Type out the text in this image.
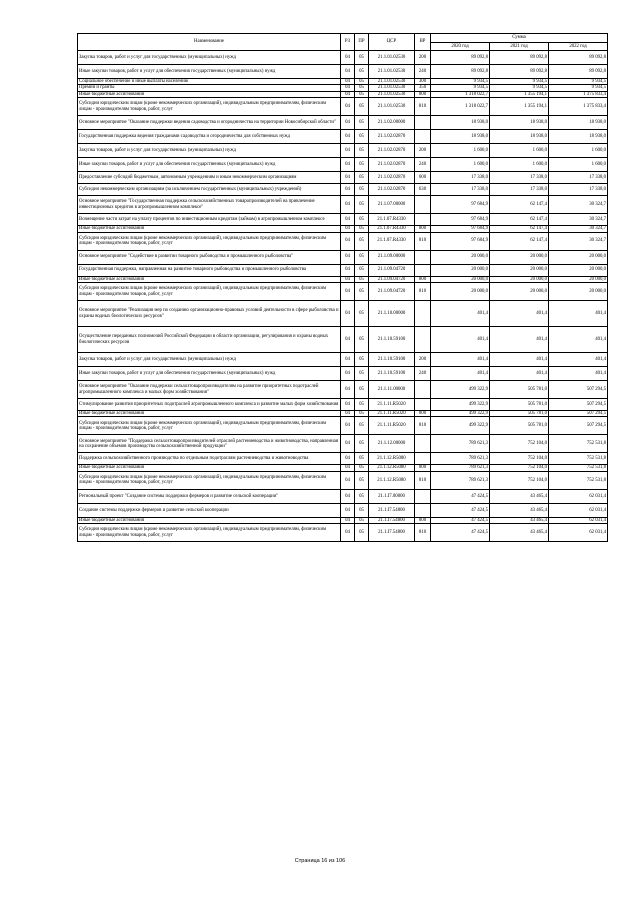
Наименование	РЗ	ПР	ЦСР	ВР	Сумма		
					2020 год	2021 год	2022 год
Закупка товаров, работ и услуг для государственных (муниципальных) нужд	04	05	21.1.01.02530	200	89 092,8	89 092,8	89 092,8
Иные закупки товаров, работ и услуг для обеспечения государственных (муниципальных) нужд	04	05	21.1.01.02530	240	89 092,8	89 092,8	89 092,8
Социальное обеспечение и иные выплаты населению	04	05	21.1.01.02530	300	9 934,5	9 934,5	9 934,5
Премии и гранты	04	05	21.1.01.02530	350	9 934,5	9 934,5	9 934,5
Иные бюджетные ассигнования	04	05	21.1.01.02530	800	1 318 022,7	1 355 194,1	1 375 833,4
Субсидии юридическим лицам (кроме некоммерческих организаций), индивидуальным предпринимателям, физическим лицам - производителям товаров, работ, услуг	04	05	21.1.01.02530	810	1 318 022,7	1 355 194,1	1 375 833,4
Основное мероприятие "Оказание поддержки ведения садоводства и огородничества на территории Новосибирской области"	04	05	21.1.02.00000		18 938,0	18 938,0	18 938,0
Государственная поддержка ведения гражданами садоводства и огородничества для собственных нужд	04	05	21.1.02.02870		18 938,0	18 938,0	18 938,0
Закупка товаров, работ и услуг для государственных (муниципальных) нужд	04	05	21.1.02.02870	200	1 600,0	1 600,0	1 600,0
Иные закупки товаров, работ и услуг для обеспечения государственных (муниципальных) нужд	04	05	21.1.02.02870	240	1 600,0	1 600,0	1 600,0
Предоставление субсидий бюджетным, автономным учреждениям и иным некоммерческим организациям	04	05	21.1.02.02870	600	17 338,0	17 338,0	17 338,0
Субсидии некоммерческим организациям (за исключением государственных (муниципальных) учреждений)	04	05	21.1.02.02870	630	17 338,0	17 338,0	17 338,0
Основное мероприятие "Государственная поддержка сельскохозяйственных товаропроизводителей на привлечение инвестиционных кредитов в агропромышленном комплексе"	04	05	21.1.07.00000		97 684,9	62 147,4	30 324,7
Возмещение части затрат на уплату процентов по инвестиционным кредитам (займам) в агропромышленном комплексе	04	05	21.1.07.R4330		97 684,9	62 147,4	30 324,7
Иные бюджетные ассигнования	04	05	21.1.07.R4330	800	97 684,9	62 147,4	30 324,7
Субсидии юридическим лицам (кроме некоммерческих организаций), индивидуальным предпринимателям, физическим лицам - производителям товаров, работ, услуг	04	05	21.1.07.R4330	810	97 684,9	62 147,4	30 324,7
Основное мероприятие "Содействие в развитии товарного рыбоводства и промышленного рыболовства"	04	05	21.1.09.00000		20 000,0	20 000,0	20 000,0
Государственная поддержка, направленная на развитие товарного рыбоводства и промышленного рыболовства	04	05	21.1.09.04720		20 000,0	20 000,0	20 000,0
Иные бюджетные ассигнования	04	05	21.1.09.04720	800	20 000,0	20 000,0	20 000,0
Субсидии юридическим лицам (кроме некоммерческих организаций), индивидуальным предпринимателям, физическим лицам - производителям товаров, работ, услуг	04	05	21.1.09.04720	810	20 000,0	20 000,0	20 000,0
Основное мероприятие "Реализация мер по созданию организационно-правовых условий деятельности в сфере рыболовства и охраны водных биологических ресурсов"	04	05	21.1.10.00000		401,4	401,4	401,4
Осуществление переданных полномочий Российской Федерации в области организации, регулирования и охраны водных биологических ресурсов	04	05	21.1.10.59100		401,4	401,4	401,4
Закупка товаров, работ и услуг для государственных (муниципальных) нужд	04	05	21.1.10.59100	200	401,4	401,4	401,4
Иные закупки товаров, работ и услуг для обеспечения государственных (муниципальных) нужд	04	05	21.1.10.59100	240	401,4	401,4	401,4
Основное мероприятие "Оказание поддержки сельхозтоваропроизводителям на развитие приоритетных подотраслей агропромышленного комплекса и малых форм хозяйствования"	04	05	21.1.11.00000		499 322,9	505 781,0	507 294,5
Стимулирование развития приоритетных подотраслей агропромышленного комплекса и развитие малых форм хозяйствования	04	05	21.1.11.R5020		499 322,9	505 781,0	507 294,5
Иные бюджетные ассигнования	04	05	21.1.11.R5020	800	499 322,9	505 781,0	507 294,5
Субсидии юридическим лицам (кроме некоммерческих организаций), индивидуальным предпринимателям, физическим лицам - производителям товаров, работ, услуг	04	05	21.1.11.R5020	810	499 322,9	505 781,0	507 294,5
Основное мероприятие "Поддержка сельхозтоваропроизводителей отраслей растениеводства и животноводства, направленная на сохранение объемов производства сельскохозяйственной продукции"	04	05	21.1.12.00000		789 621,3	752 104,0	752 531,8
Поддержка сельскохозяйственного производства по отдельным подотраслям растениеводства и животноводства	04	05	21.1.12.R5080		789 621,3	752 104,0	752 531,8
Иные бюджетные ассигнования	04	05	21.1.12.R5080	800	789 621,3	752 104,0	752 531,8
Субсидии юридическим лицам (кроме некоммерческих организаций), индивидуальным предпринимателям, физическим лицам - производителям товаров, работ, услуг	04	05	21.1.12.R5080	810	789 621,3	752 104,0	752 531,8
Региональный проект "Создание системы поддержки фермеров и развитие сельской кооперации"	04	05	21.1.I7.00000		47 424,5	43 465,4	62 031,4
Создание системы поддержки фермеров и развитие сельской кооперации	04	05	21.1.I7.54800		47 424,5	43 465,4	62 031,4
Иные бюджетные ассигнования	04	05	21.1.I7.54800	800	47 424,5	43 465,4	62 031,4
Субсидии юридическим лицам (кроме некоммерческих организаций), индивидуальным предпринимателям, физическим лицам - производителям товаров, работ, услуг	04	05	21.1.I7.54800	810	47 424,5	43 465,4	62 031,4
Страница 16 из 106
